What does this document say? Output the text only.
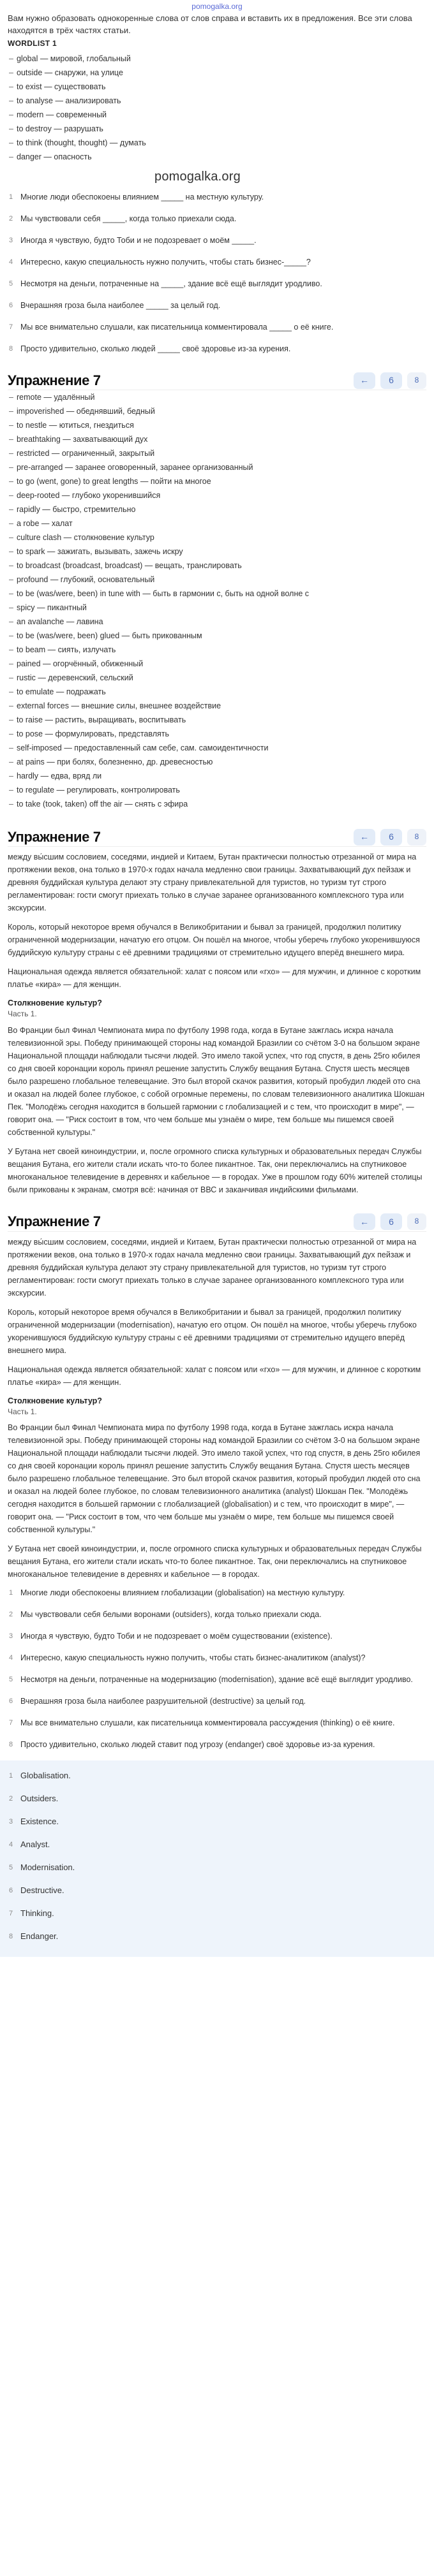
pomogalka.org

Вам нужно образовать однокоренные слова от слов справа и вставить их в предложения. Все эти слова находятся в трёх частях статьи.

WORDLIST 1
– global — мировой, глобальный
– outside — снаружи, на улице
– to exist — существовать
– to analyse — анализировать
– modern — современный
– to destroy — разрушать
– to think (thought, thought) — думать
– danger — опасность
pomogalka.org
1 Многие люди обеспокоены влиянием _____ на местную культуру.
2 Мы чувствовали себя _____, когда только приехали сюда.
3 Иногда я чувствую, будто Тоби и не подозревает о моём _____.
4 Интересно, какую специальность нужно получить, чтобы стать бизнес-_____?
5 Несмотря на деньги, потраченные на _____, здание всё ещё выглядит уродливо.
6 Вчерашняя гроза была наиболее _____ за целый год.
7 Мы все внимательно слушали, как писательница комментировала _____ о её книге.
8 Просто удивительно, сколько людей _____ своё здоровье из-за курения.
Упражнение 7	←	6	8
– remote — удалённый
– impoverished — обеднявший, бедный
– to nestle — ютиться, гнездиться
– breathtaking — захватывающий дух
– restricted — ограниченный, закрытый
– pre-arranged — заранее оговоренный, заранее организованный
– to go (went, gone) to great lengths — пойти на многое
– deep-rooted — глубоко укоренившийся
– rapidly — быстро, стремительно
– a robe — халат
– culture clash — столкновение культур
– to spark — зажигать, вызывать, зажечь искру
– to broadcast (broadcast, broadcast) — вещать, транслировать
– profound — глубокий, основательный
– to be (was/were, been) in tune with — быть в гармонии с, быть на одной волне с
– spicy — пикантный
– an avalanche — лавина
– to be (was/were, been) glued — быть прикованным
– to beam — сиять, излучать
– pained — огорчённый, обиженный
– rustic — деревенский, сельский
– to emulate — подражать
– external forces — внешние силы, внешнее воздействие
– to raise — растить, выращивать, воспитывать
– to pose — формулировать, представлять
– self-imposed — предоставленный сам себе, сам. самоидентичности
– at pains — при болях, болезненно, др. древесностью
– hardly — едва, вряд ли
– to regulate — регулировать, контролировать
– to take (took, taken) off the air — снять с эфира
Упражнение 7	←	6	8

между вы́сшим сословием, соседями, индией и Китаем, Бутан практически полностью отрезанной от мира на протяжении веков, она только в 1970-х годах начала медленно свои границы. Захватывающий дух пейзаж и древняя буддийская культура делают эту страну привлекательной для туристов, но туризм тут строго регламентирован: гости смогут приехать только в случае заранее организованного комплексного тура или экскурсии.

Король, который некоторое время обучался в Великобритании и бывал за границей, продолжил политику ограниченной модернизации, начатую его отцом. Он пошёл на многое, чтобы уберечь глубоко укоренившуюся буддийскую культуру страны с её древними традициями от стремительно идущего вперёд внешнего мира.

Национальная одежда является обязательной: халат с поясом или «гхо» — для мужчин, и длинное с коротким платье «кира» — для женщин.

Столкновение культур?
Часть 1.

Во Франции был Финал Чемпионата мира по футболу 1998 года, когда в Бутане зажглась искра начала телевизионной эры. Победу принимающей стороны над командой Бразилии со счётом 3-0 на большом экране Национальной площади наблюдали тысячи людей. Это имело такой успех, что год спустя, в день 25го юбилея со дня своей коронации король принял решение запустить Службу вещания Бутана. Спустя шесть месяцев было разрешено глобальное телевещание. Это был второй скачок развития, который пробудил людей ото сна и оказал на людей более глубокое, с собой огромные перемены, по словам телевизионного аналитика Шокшан Пек. "Молодёжь сегодня находится в большей гармонии с глобализацией и с тем, что происходит в мире", — говорит она. — "Риск состоит в том, что чем больше мы узнаём о мире, тем больше мы пишемся своей собственной культуры."

У Бутана нет своей киноиндустрии, и, после огромного списка культурных и образовательных передач Службы вещания Бутана, его жители стали искать что-то более пикантное. Так, они переключались на спутниковое многоканальное телевидение в деревнях и кабельное — в городах. Уже в прошлом году 60% жителей столицы были прикованы к экранам, смотря всё: начиная от ВВС и заканчивая индийскими фильмами.

Упражнение 7	←	6	8

между вы́сшим сословием, соседями, индией и Китаем, Бутан практически полностью отрезанной от мира на протяжении веков, она только в 1970-х годах начала медленно свои границы. Захватывающий дух пейзаж и древняя буддийская культура делают эту страну привлекательной для туристов, но туризм тут строго регламентирован: гости смогут приехать только в случае заранее организованного комплексного тура или экскурсии.

Король, который некоторое время обучался в Великобритании и бывал за границей, продолжил политику ограниченной модернизации (modernisation), начатую его отцом. Он пошёл на многое, чтобы уберечь глубоко укоренившуюся буддийскую культуру страны с её древними традициями от стремительно идущего вперёд внешнего мира.

Национальная одежда является обязательной: халат с поясом или «гхо» — для мужчин, и длинное с коротким платье «кира» — для женщин.

Столкновение культур?
Часть 1.

Во Франции был Финал Чемпионата мира по футболу 1998 года, когда в Бутане зажглась искра начала телевизионной эры. Победу принимающей стороны над командой Бразилии со счётом 3-0 на большом экране Национальной площади наблюдали тысячи людей. Это имело такой успех, что год спустя, в день 25го юбилея со дня своей коронации король принял решение запустить Службу вещания Бутана. Спустя шесть месяцев было разрешено глобальное телевещание. Это был второй скачок развития, который пробудил людей ото сна и оказал на людей более глубокое, по словам телевизионного аналитика (analyst) Шокшан Пек. "Молодёжь сегодня находится в большей гармонии с глобализацией (globalisation) и с тем, что происходит в мире", — говорит она. — "Риск состоит в том, что чем больше мы узнаём о мире, тем больше мы пишемся своей собственной культуры."

У Бутана нет своей киноиндустрии, и, после огромного списка культурных и образовательных передач Службы вещания Бутана, его жители стали искать что-то более пикантное. Так, они переключались на спутниковое многоканальное телевидение в деревнях и кабельное — в городах.

1 Многие люди обеспокоены влиянием глобализации (globalisation) на местную культуру.
2 Мы чувствовали себя белыми воронами (outsiders), когда только приехали сюда.
3 Иногда я чувствую, будто Тоби и не подозревает о моём существовании (existence).
4 Интересно, какую специальность нужно получить, чтобы стать бизнес-аналитиком (analyst)?
5 Несмотря на деньги, потраченные на модернизацию (modernisation), здание всё ещё выглядит уродливо.
6 Вчерашняя гроза была наиболее разрушительной (destructive) за целый год.
7 Мы все внимательно слушали, как писательница комментировала рассуждения (thinking) о её книге.
8 Просто удивительно, сколько людей ставит под угрозу (endanger) своё здоровье из-за курения.
1 Globalisation.
2 Outsiders.
3 Existence.
4 Analyst.
5 Modernisation.
6 Destructive.
7 Thinking.
8 Endanger.
